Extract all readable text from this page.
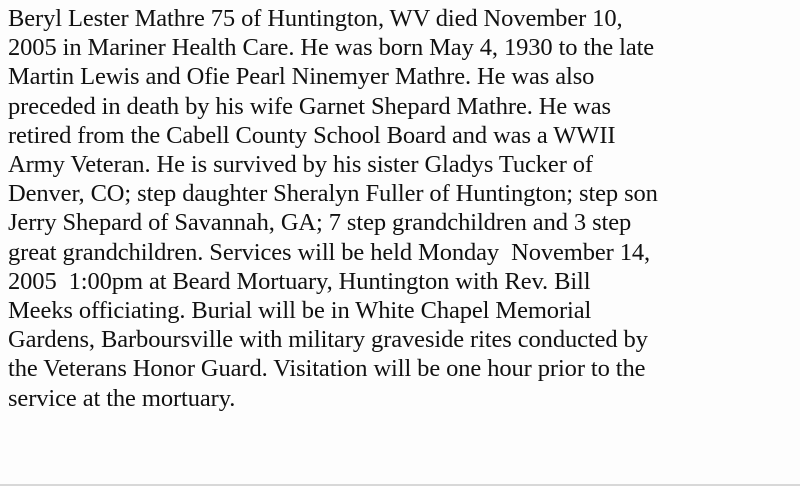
Beryl Lester Mathre 75 of Huntington, WV died November 10,
2005 in Mariner Health Care. He was born May 4, 1930 to the late
Martin Lewis and Ofie Pearl Ninemyer Mathre. He was also
preceded in death by his wife Garnet Shepard Mathre. He was
retired from the Cabell County School Board and was a WWII
Army Veteran. He is survived by his sister Gladys Tucker of
Denver, CO; step daughter Sheralyn Fuller of Huntington; step son
Jerry Shepard of Savannah, GA; 7 step grandchildren and 3 step
great grandchildren. Services will be held Monday  November 14,
2005  1:00pm at Beard Mortuary, Huntington with Rev. Bill
Meeks officiating. Burial will be in White Chapel Memorial
Gardens, Barboursville with military graveside rites conducted by
the Veterans Honor Guard. Visitation will be one hour prior to the
service at the mortuary.
